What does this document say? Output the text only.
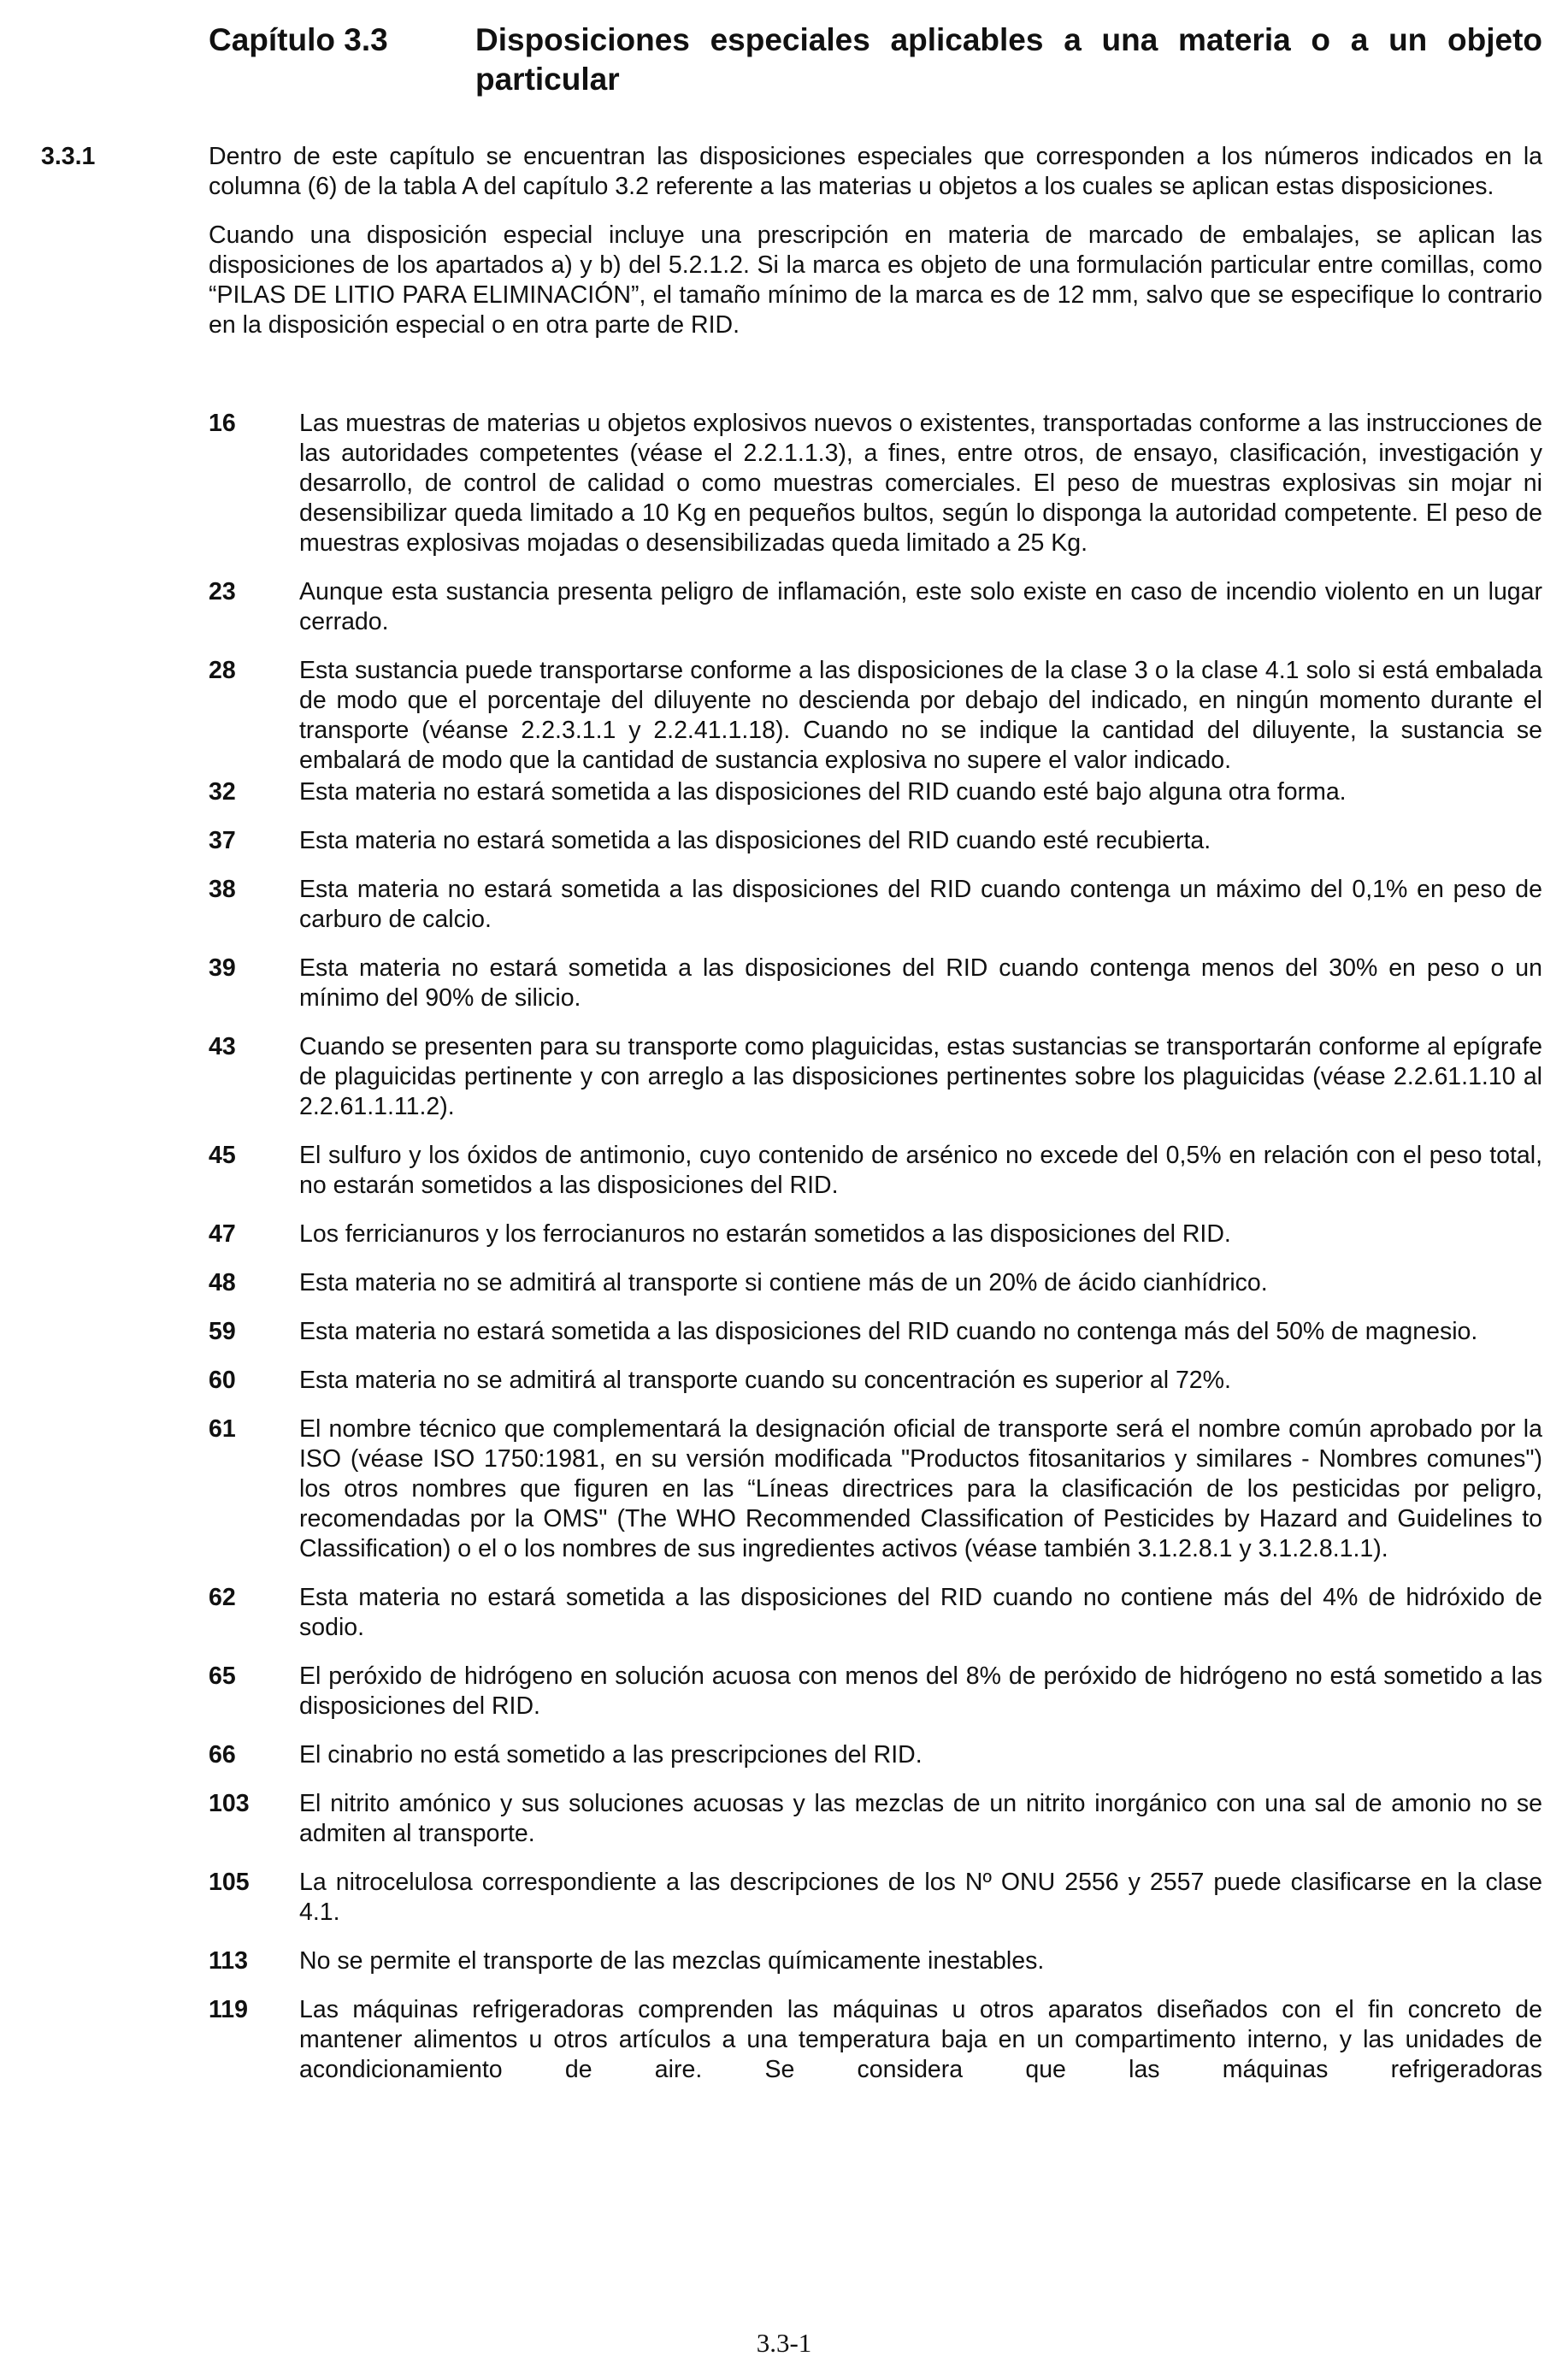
Capítulo 3.3	Disposiciones especiales aplicables a una materia o a un objeto particular
3.3.1	Dentro de este capítulo se encuentran las disposiciones especiales que corresponden a los números indicados en la columna (6) de la tabla A del capítulo 3.2 referente a las materias u objetos a los cuales se aplican estas disposiciones.

Cuando una disposición especial incluye una prescripción en materia de marcado de embalajes, se aplican las disposiciones de los apartados a) y b) del 5.2.1.2. Si la marca es objeto de una formulación particular entre comillas, como “PILAS DE LITIO PARA ELIMINACIÓN”, el tamaño mínimo de la marca es de 12 mm, salvo que se especifique lo contrario en la disposición especial o en otra parte de RID.

16	Las muestras de materias u objetos explosivos nuevos o existentes, transportadas conforme a las instrucciones de las autoridades competentes (véase el 2.2.1.1.3), a fines, entre otros, de ensayo, clasificación, investigación y desarrollo, de control de calidad o como muestras comerciales. El peso de muestras explosivas sin mojar ni desensibilizar queda limitado a 10 Kg en pequeños bultos, según lo disponga la autoridad competente. El peso de muestras explosivas mojadas o desensibilizadas queda limitado a 25 Kg.
23	Aunque esta sustancia presenta peligro de inflamación, este solo existe en caso de incendio violento en un lugar cerrado.
28	Esta sustancia puede transportarse conforme a las disposiciones de la clase 3 o la clase 4.1 solo si está embalada de modo que el porcentaje del diluyente no descienda por debajo del indicado, en ningún momento durante el transporte (véanse 2.2.3.1.1 y 2.2.41.1.18). Cuando no se indique la cantidad del diluyente, la sustancia se embalará de modo que la cantidad de sustancia explosiva no supere el valor indicado.
32	Esta materia no estará sometida a las disposiciones del RID cuando esté bajo alguna otra forma.
37	Esta materia no estará sometida a las disposiciones del RID cuando esté recubierta.
38	Esta materia no estará sometida a las disposiciones del RID cuando contenga un máximo del 0,1% en peso de carburo de calcio.
39	Esta materia no estará sometida a las disposiciones del RID cuando contenga menos del 30% en peso o un mínimo del 90% de silicio.
43	Cuando se presenten para su transporte como plaguicidas, estas sustancias se transportarán conforme al epígrafe de plaguicidas pertinente y con arreglo a las disposiciones pertinentes sobre los plaguicidas (véase 2.2.61.1.10 al 2.2.61.1.11.2).
45	El sulfuro y los óxidos de antimonio, cuyo contenido de arsénico no excede del 0,5% en relación con el peso total, no estarán sometidos a las disposiciones del RID.
47	Los ferricianuros y los ferrocianuros no estarán sometidos a las disposiciones del RID.
48	Esta materia no se admitirá al transporte si contiene más de un 20% de ácido cianhídrico.
59	Esta materia no estará sometida a las disposiciones del RID cuando no contenga más del 50% de magnesio.
60	Esta materia no se admitirá al transporte cuando su concentración es superior al 72%.
61	El nombre técnico que complementará la designación oficial de transporte será el nombre común aprobado por la ISO (véase ISO 1750:1981, en su versión modificada "Productos fitosanitarios y similares - Nombres comunes") los otros nombres que figuren en las “Líneas directrices para la clasificación de los pesticidas por peligro, recomendadas por la OMS" (The WHO Recommended Classification of Pesticides by Hazard and Guidelines to Classification) o el o los nombres de sus ingredientes activos (véase también 3.1.2.8.1 y 3.1.2.8.1.1).
62	Esta materia no estará sometida a las disposiciones del RID cuando no contiene más del 4% de hidróxido de sodio.
65	El peróxido de hidrógeno en solución acuosa con menos del 8% de peróxido de hidrógeno no está sometido a las disposiciones del RID.
66	El cinabrio no está sometido a las prescripciones del RID.
103	El nitrito amónico y sus soluciones acuosas y las mezclas de un nitrito inorgánico con una sal de amonio no se admiten al transporte.
105	La nitrocelulosa correspondiente a las descripciones de los Nº ONU 2556 y 2557 puede clasificarse en la clase 4.1.
113	No se permite el transporte de las mezclas químicamente inestables.
119	Las máquinas refrigeradoras comprenden las máquinas u otros aparatos diseñados con el fin concreto de mantener alimentos u otros artículos a una temperatura baja en un compartimento interno, y las unidades de acondicionamiento de aire. Se considera que las máquinas refrigeradoras
3.3-1
